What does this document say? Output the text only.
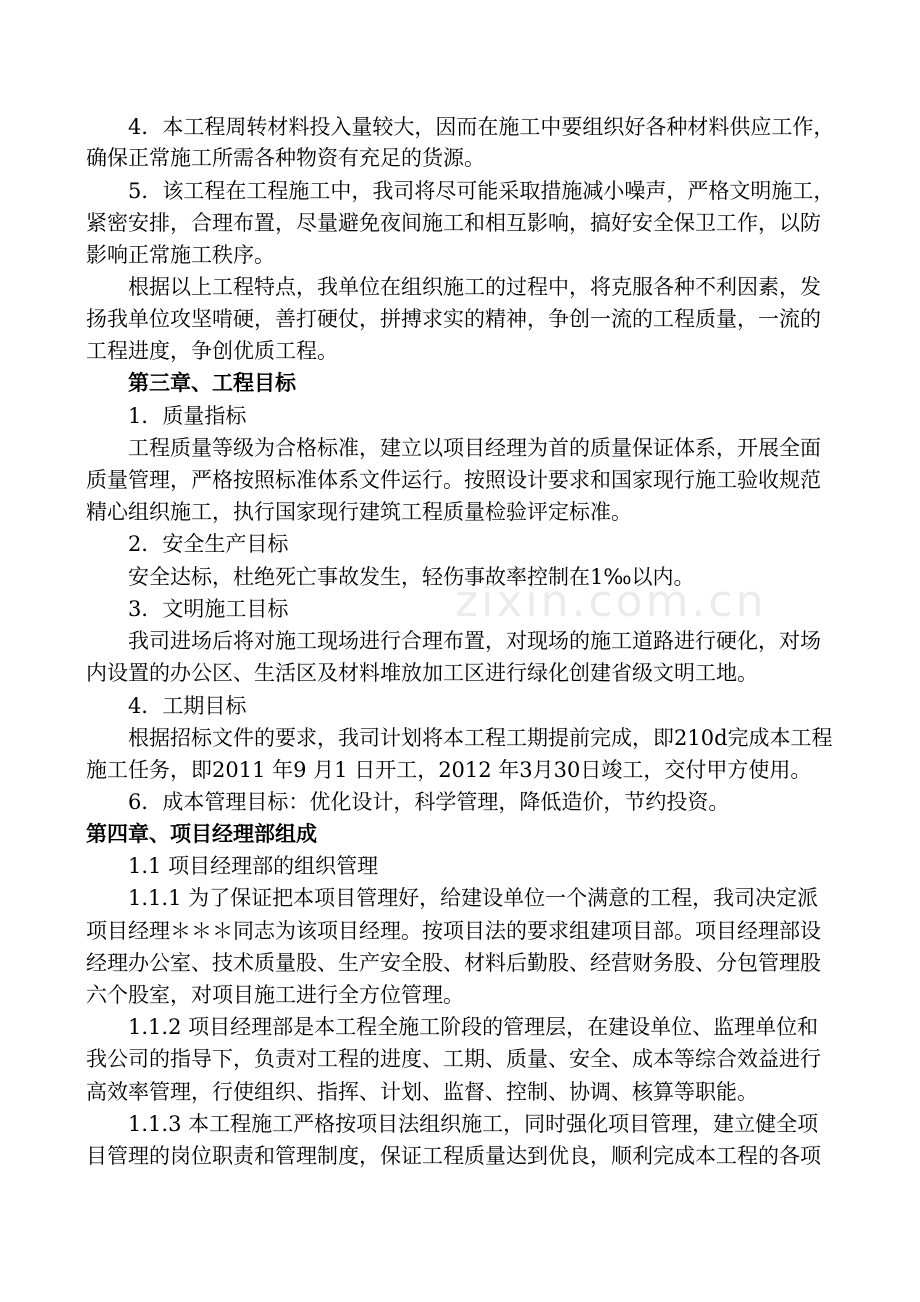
zixin.com.cn
4．本工程周转材料投入量较大，因而在施工中要组织好各种材料供应工作，
确保正常施工所需各种物资有充足的货源。
5．该工程在工程施工中，我司将尽可能采取措施减小噪声，严格文明施工，
紧密安排，合理布置，尽量避免夜间施工和相互影响，搞好安全保卫工作，以防
影响正常施工秩序。
根据以上工程特点，我单位在组织施工的过程中，将克服各种不利因素，发
扬我单位攻坚啃硬，善打硬仗，拼搏求实的精神，争创一流的工程质量，一流的
工程进度，争创优质工程。
第三章、工程目标
1．质量指标
工程质量等级为合格标准，建立以项目经理为首的质量保证体系，开展全面
质量管理，严格按照标准体系文件运行。按照设计要求和国家现行施工验收规范
精心组织施工，执行国家现行建筑工程质量检验评定标准。
2．安全生产目标
安全达标，杜绝死亡事故发生，轻伤事故率控制在1‰以内。
3．文明施工目标
我司进场后将对施工现场进行合理布置，对现场的施工道路进行硬化，对场
内设置的办公区、生活区及材料堆放加工区进行绿化创建省级文明工地。
4．工期目标
根据招标文件的要求，我司计划将本工程工期提前完成，即210d完成本工程
施工任务，即2011 年9 月1 日开工，2012 年3月30日竣工，交付甲方使用。
6．成本管理目标：优化设计，科学管理，降低造价，节约投资。
第四章、项目经理部组成
1.1 项目经理部的组织管理
1.1.1 为了保证把本项目管理好，给建设单位一个满意的工程，我司决定派
项目经理＊＊＊同志为该项目经理。按项目法的要求组建项目部。项目经理部设
经理办公室、技术质量股、生产安全股、材料后勤股、经营财务股、分包管理股
六个股室，对项目施工进行全方位管理。
1.1.2 项目经理部是本工程全施工阶段的管理层，在建设单位、监理单位和
我公司的指导下，负责对工程的进度、工期、质量、安全、成本等综合效益进行
高效率管理，行使组织、指挥、计划、监督、控制、协调、核算等职能。
1.1.3 本工程施工严格按项目法组织施工，同时强化项目管理，建立健全项
目管理的岗位职责和管理制度，保证工程质量达到优良，顺利完成本工程的各项
